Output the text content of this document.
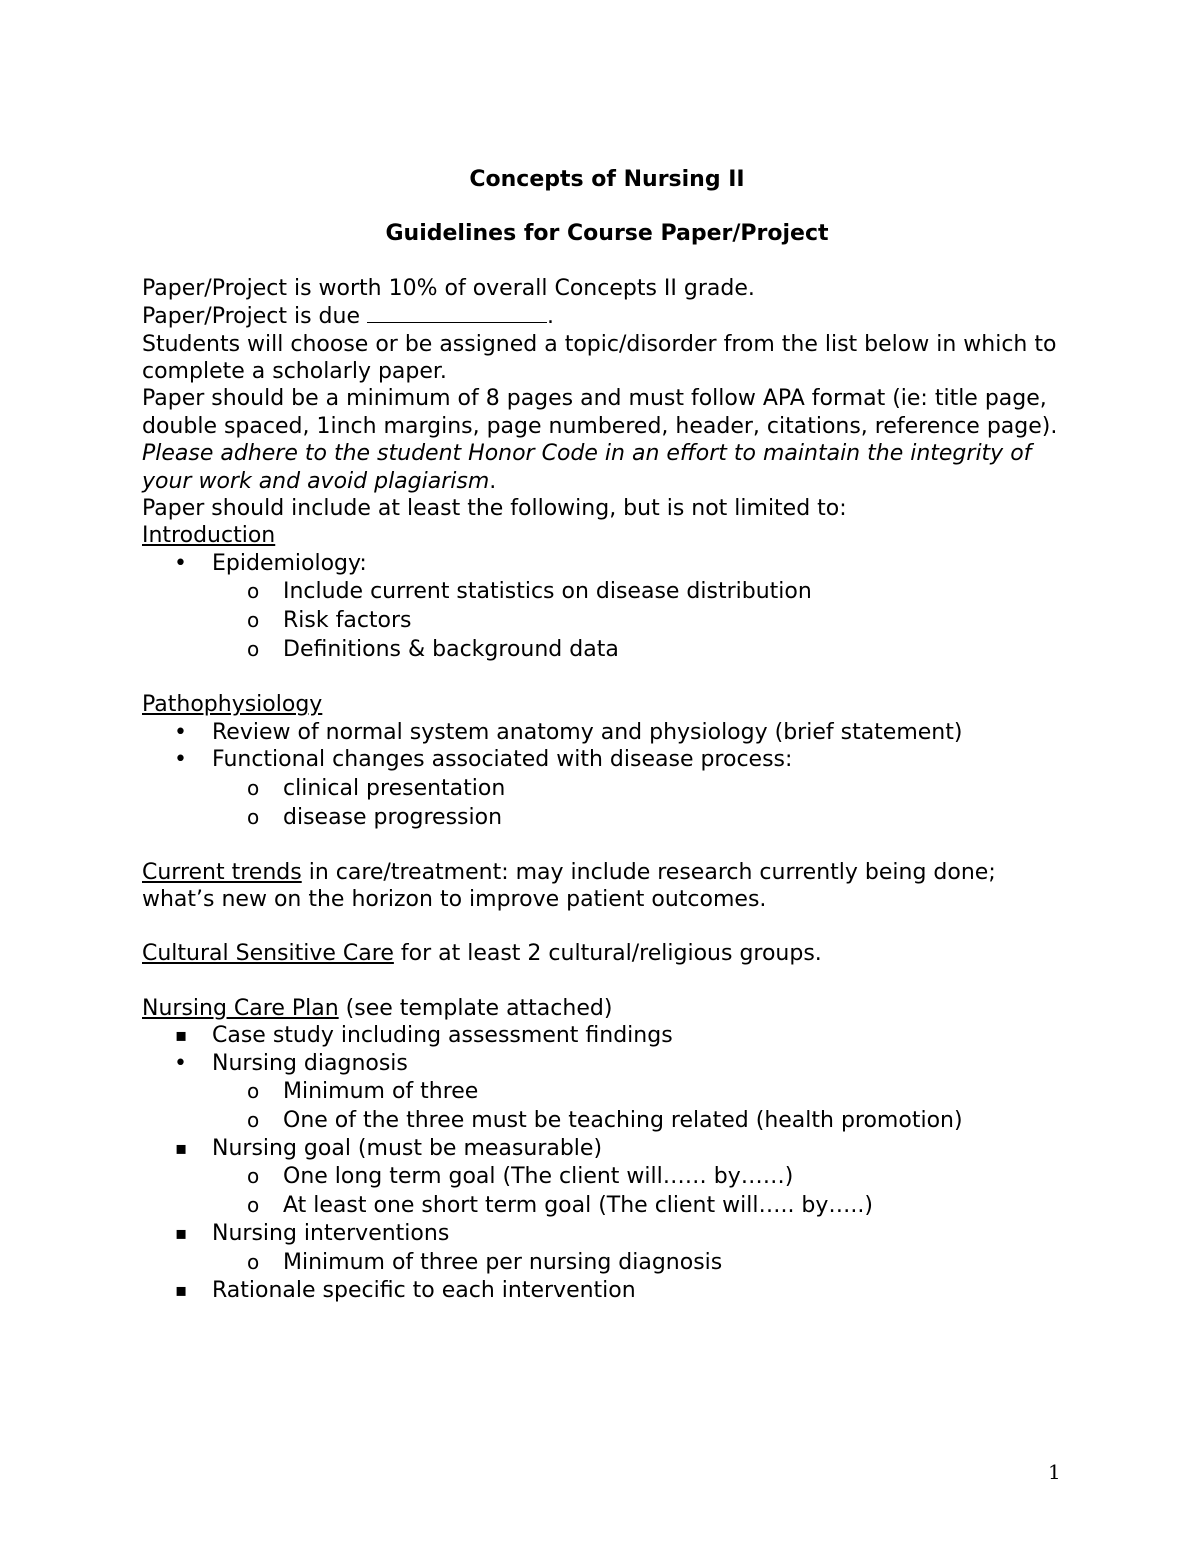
Concepts of Nursing II

Guidelines for Course Paper/Project

Paper/Project is worth 10% of overall Concepts II grade.

Paper/Project is due	.

Students will choose or be assigned a topic/disorder from the list below in which to complete a scholarly paper.

Paper should be a minimum of 8 pages and must follow APA format (ie: title page, double spaced, 1inch margins, page numbered, header, citations, reference page). Please adhere to the student Honor Code in an effort to maintain the integrity of your work and avoid plagiarism.

Paper should include at least the following, but is not limited to:

Introduction

• Epidemiology:
o Include current statistics on disease distribution
o Risk factors
o Definitions & background data

Pathophysiology

• Review of normal system anatomy and physiology (brief statement)
• Functional changes associated with disease process:
o clinical presentation
o disease progression

Current trends in care/treatment: may include research currently being done; what’s new on the horizon to improve patient outcomes.

Cultural Sensitive Care for at least 2 cultural/religious groups.

Nursing Care Plan (see template attached)

▪ Case study including assessment findings
• Nursing diagnosis
o Minimum of three
o One of the three must be teaching related (health promotion)
▪ Nursing goal (must be measurable)
o One long term goal (The client will…… by……)
o At least one short term goal (The client will….. by…..)
▪ Nursing interventions
o Minimum of three per nursing diagnosis
▪ Rationale specific to each intervention
1
